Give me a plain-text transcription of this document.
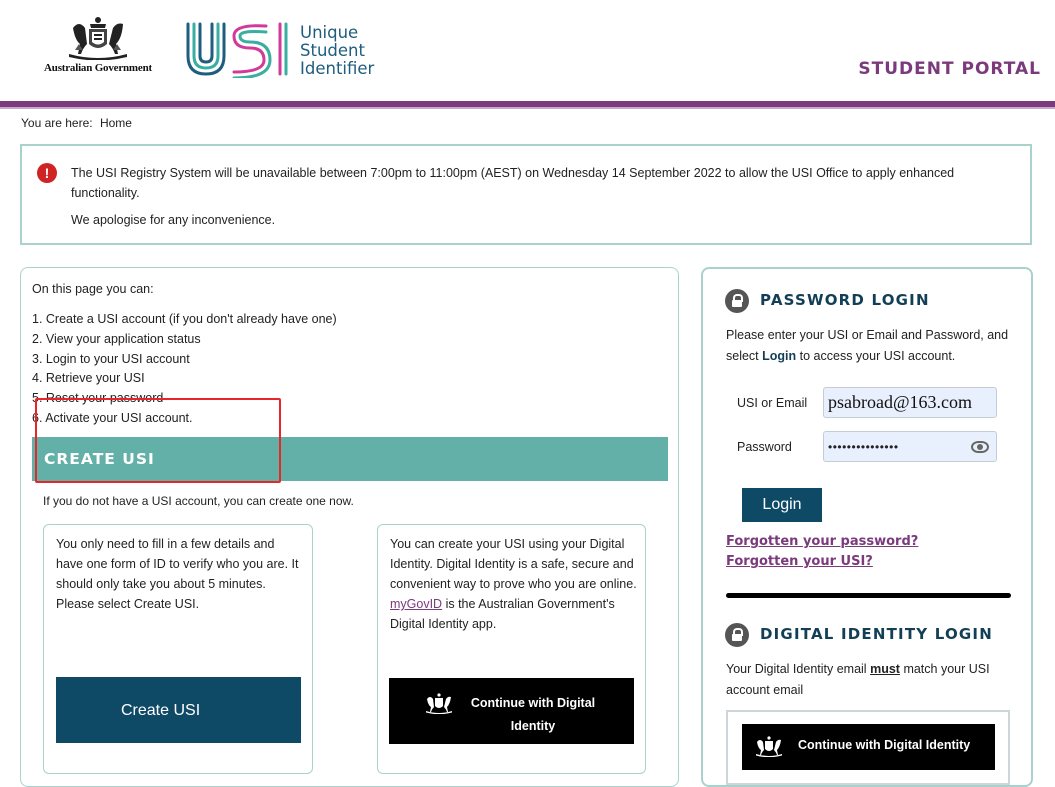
Australian Government
Unique
Student
Identifier	STUDENT PORTAL
You are here: Home
!	The USI Registry System will be unavailable between 7:00pm to 11:00pm (AEST) on Wednesday 14 September 2022 to allow the USI Office to apply enhanced functionality.
We apologise for any inconvenience.
On this page you can:
1. Create a USI account (if you don't already have one)
2. View your application status
3. Login to your USI account
4. Retrieve your USI
5. Reset your password
6. Activate your USI account.
CREATE USI
If you do not have a USI account, you can create one now.

You only need to fill in a few details and have one form of ID to verify who you are. It should only take you about 5 minutes. Please select Create USI.

Create USI

You can create your USI using your Digital Identity. Digital Identity is a safe, secure and convenient way to prove who you are online. myGovID is the Australian Government's Digital Identity app.

Continue with Digital Identity
PASSWORD LOGIN
Please enter your USI or Email and Password, and select Login to access your USI account.
USI or Email
psabroad@163.com
Password
•••••••••••••••
Login
Forgotten your password?
Forgotten your USI?
DIGITAL IDENTITY LOGIN
Your Digital Identity email must match your USI account email
Continue with Digital Identity
